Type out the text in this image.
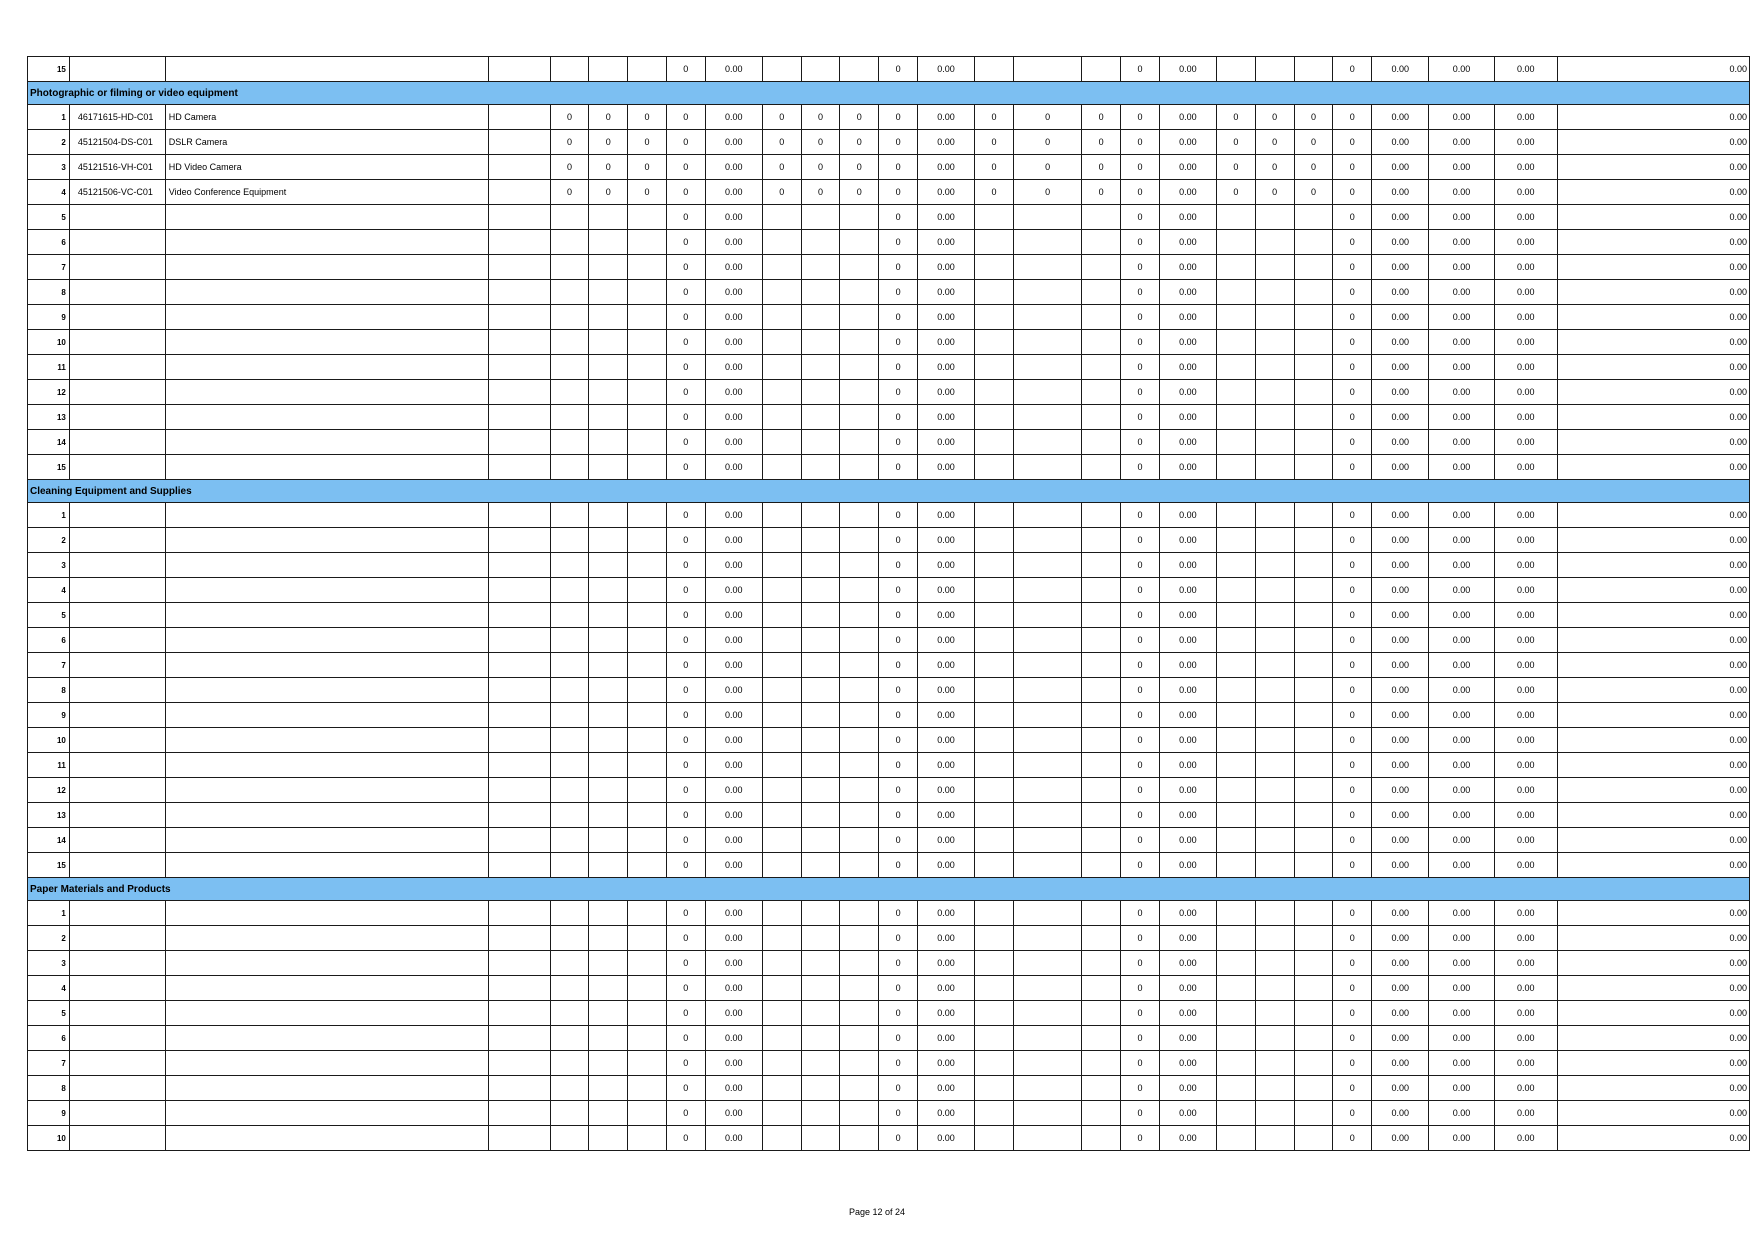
15							0	0.00				0	0.00				0	0.00				0	0.00	0.00	0.00	0.00
Photographic or filming or video equipment																										
1	46171615-HD-C01	HD Camera		0	0	0	0	0.00	0	0	0	0	0.00	0	0	0	0	0.00	0	0	0	0	0.00	0.00	0.00	0.00
2	45121504-DS-C01	DSLR Camera		0	0	0	0	0.00	0	0	0	0	0.00	0	0	0	0	0.00	0	0	0	0	0.00	0.00	0.00	0.00
3	45121516-VH-C01	HD Video Camera		0	0	0	0	0.00	0	0	0	0	0.00	0	0	0	0	0.00	0	0	0	0	0.00	0.00	0.00	0.00
4	45121506-VC-C01	Video Conference Equipment		0	0	0	0	0.00	0	0	0	0	0.00	0	0	0	0	0.00	0	0	0	0	0.00	0.00	0.00	0.00
5							0	0.00				0	0.00				0	0.00				0	0.00	0.00	0.00	0.00
6							0	0.00				0	0.00				0	0.00				0	0.00	0.00	0.00	0.00
7							0	0.00				0	0.00				0	0.00				0	0.00	0.00	0.00	0.00
8							0	0.00				0	0.00				0	0.00				0	0.00	0.00	0.00	0.00
9							0	0.00				0	0.00				0	0.00				0	0.00	0.00	0.00	0.00
10							0	0.00				0	0.00				0	0.00				0	0.00	0.00	0.00	0.00
11							0	0.00				0	0.00				0	0.00				0	0.00	0.00	0.00	0.00
12							0	0.00				0	0.00				0	0.00				0	0.00	0.00	0.00	0.00
13							0	0.00				0	0.00				0	0.00				0	0.00	0.00	0.00	0.00
14							0	0.00				0	0.00				0	0.00				0	0.00	0.00	0.00	0.00
15							0	0.00				0	0.00				0	0.00				0	0.00	0.00	0.00	0.00
Cleaning Equipment and Supplies																										
1							0	0.00				0	0.00				0	0.00				0	0.00	0.00	0.00	0.00
2							0	0.00				0	0.00				0	0.00				0	0.00	0.00	0.00	0.00
3							0	0.00				0	0.00				0	0.00				0	0.00	0.00	0.00	0.00
4							0	0.00				0	0.00				0	0.00				0	0.00	0.00	0.00	0.00
5							0	0.00				0	0.00				0	0.00				0	0.00	0.00	0.00	0.00
6							0	0.00				0	0.00				0	0.00				0	0.00	0.00	0.00	0.00
7							0	0.00				0	0.00				0	0.00				0	0.00	0.00	0.00	0.00
8							0	0.00				0	0.00				0	0.00				0	0.00	0.00	0.00	0.00
9							0	0.00				0	0.00				0	0.00				0	0.00	0.00	0.00	0.00
10							0	0.00				0	0.00				0	0.00				0	0.00	0.00	0.00	0.00
11							0	0.00				0	0.00				0	0.00				0	0.00	0.00	0.00	0.00
12							0	0.00				0	0.00				0	0.00				0	0.00	0.00	0.00	0.00
13							0	0.00				0	0.00				0	0.00				0	0.00	0.00	0.00	0.00
14							0	0.00				0	0.00				0	0.00				0	0.00	0.00	0.00	0.00
15							0	0.00				0	0.00				0	0.00				0	0.00	0.00	0.00	0.00
Paper Materials and Products																										
1							0	0.00				0	0.00				0	0.00				0	0.00	0.00	0.00	0.00
2							0	0.00				0	0.00				0	0.00				0	0.00	0.00	0.00	0.00
3							0	0.00				0	0.00				0	0.00				0	0.00	0.00	0.00	0.00
4							0	0.00				0	0.00				0	0.00				0	0.00	0.00	0.00	0.00
5							0	0.00				0	0.00				0	0.00				0	0.00	0.00	0.00	0.00
6							0	0.00				0	0.00				0	0.00				0	0.00	0.00	0.00	0.00
7							0	0.00				0	0.00				0	0.00				0	0.00	0.00	0.00	0.00
8							0	0.00				0	0.00				0	0.00				0	0.00	0.00	0.00	0.00
9							0	0.00				0	0.00				0	0.00				0	0.00	0.00	0.00	0.00
10							0	0.00				0	0.00				0	0.00				0	0.00	0.00	0.00	0.00
Page 12 of 24
